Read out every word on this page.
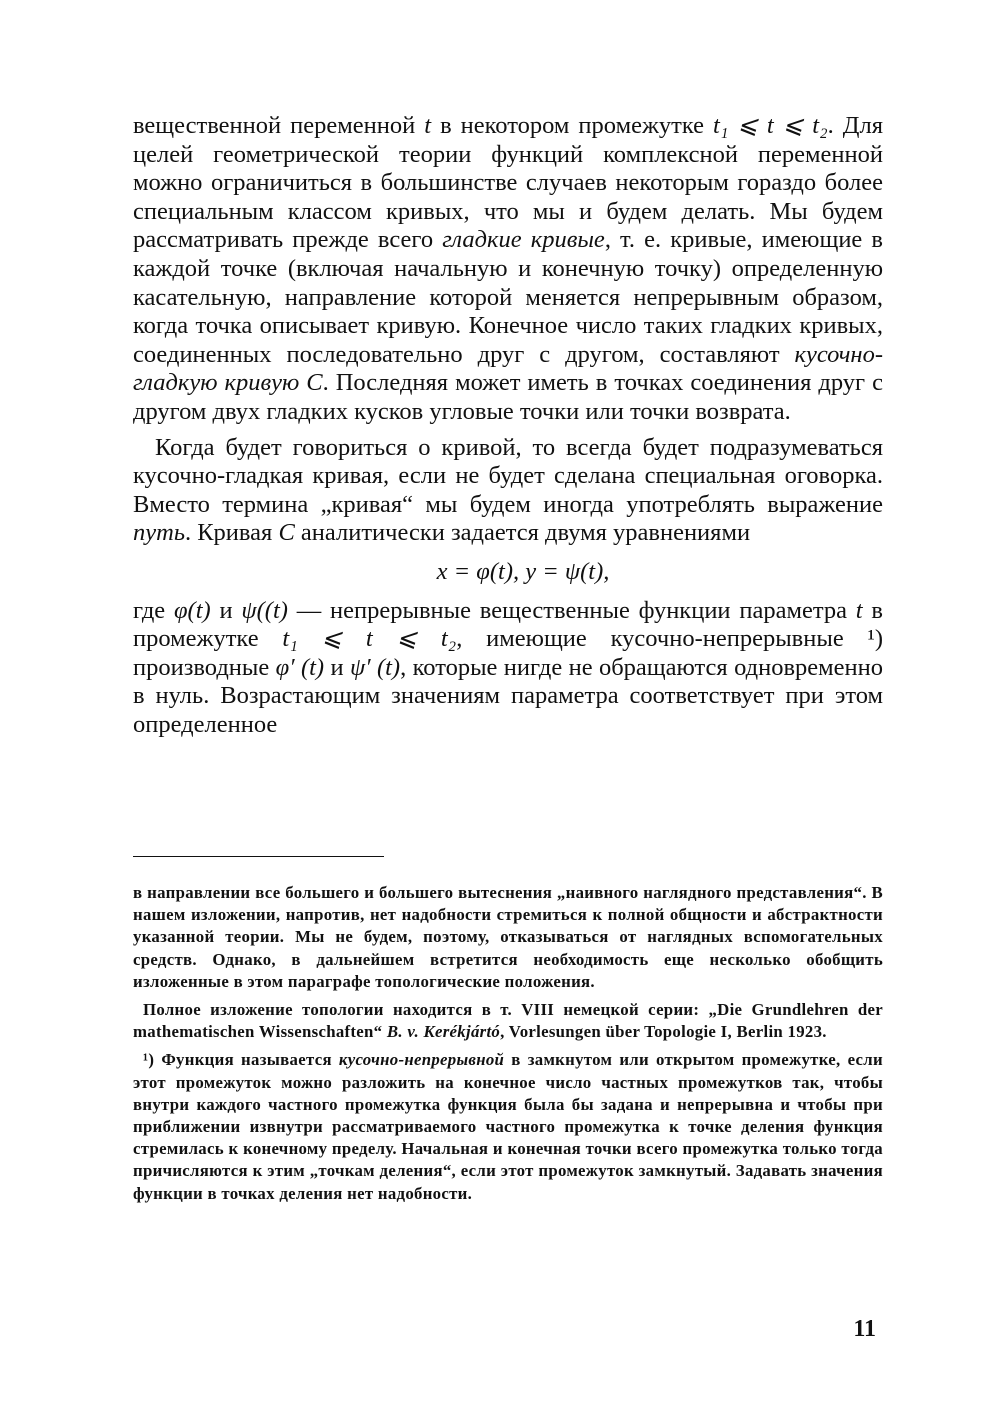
вещественной переменной t в некотором промежутке t₁ ⩽ t ⩽ t₂. Для целей геометрической теории функций комплексной переменной можно ограничиться в большинстве случаев некоторым гораздо более специальным классом кривых, что мы и будем делать. Мы будем рассматривать прежде всего гладкие кривые, т. е. кривые, имеющие в каждой точке (включая начальную и конечную точку) определенную касательную, направление которой меняется непрерывным образом, когда точка описывает кривую. Конечное число таких гладких кривых, соединенных последовательно друг с другом, составляют кусочно-гладкую кривую C. Последняя может иметь в точках соединения друг с другом двух гладких кусков угловые точки или точки возврата.

Когда будет говориться о кривой, то всегда будет подразумеваться кусочно-гладкая кривая, если не будет сделана специальная оговорка. Вместо термина „кривая“ мы будем иногда употреблять выражение путь. Кривая C аналитически задается двумя уравнениями

x = φ(t), y = ψ(t),

где φ(t) и ψ((t) — непрерывные вещественные функции параметра t в промежутке t₁ ⩽ t ⩽ t₂, имеющие кусочно-непрерывные ¹) производные φ′ (t) и ψ′ (t), которые нигде не обращаются одновременно в нуль. Возрастающим значениям параметра соответствует при этом определенное

в направлении все большего и большего вытеснения „наивного наглядного представления“. В нашем изложении, напротив, нет надобности стремиться к полной общности и абстрактности указанной теории. Мы не будем, поэтому, отказываться от наглядных вспомогательных средств. Однако, в дальнейшем встретится необходимость еще несколько обобщить изложенные в этом параграфе топологические положения.

Полное изложение топологии находится в т. VIII немецкой серии: „Die Grundlehren der mathematischen Wissenschaften“ B. v. Kerékjártó, Vorlesungen über Topologie I, Berlin 1923.

¹) Функция называется кусочно-непрерывной в замкнутом или открытом промежутке, если этот промежуток можно разложить на конечное число частных промежутков так, чтобы внутри каждого частного промежутка функция была бы задана и непрерывна и чтобы при приближении извнутри рассматриваемого частного промежутка к точке деления функция стремилась к конечному пределу. Начальная и конечная точки всего промежутка только тогда причисляются к этим „точкам деления“, если этот промежуток замкнутый. Задавать значения функции в точках деления нет надобности.

11
